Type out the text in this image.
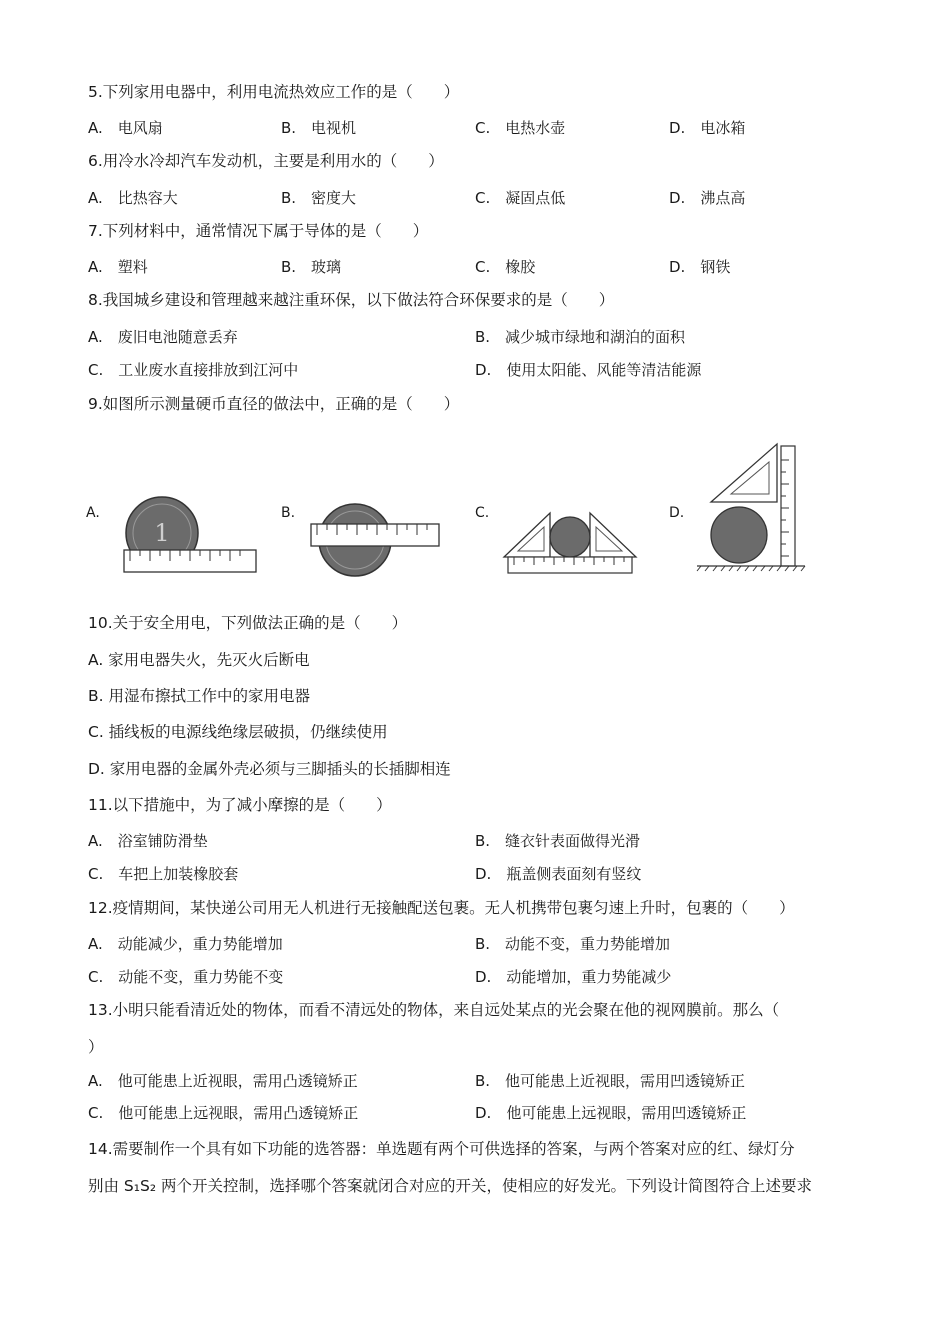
5.下列家用电器中，利用电流热效应工作的是（　　）
A.　电风扇	B.　电视机	C.　电热水壶	D.　电冰箱
6.用冷水冷却汽车发动机，主要是利用水的（　　）
A.　比热容大	B.　密度大	C.　凝固点低	D.　沸点高
7.下列材料中，通常情况下属于导体的是（　　）
A.　塑料	B.　玻璃	C.　橡胶	D.　钢铁
8.我国城乡建设和管理越来越注重环保，以下做法符合环保要求的是（　　）
A.　废旧电池随意丢弃	B.　减少城市绿地和湖泊的面积
C.　工业废水直接排放到江河中	D.　使用太阳能、风能等清洁能源
9.如图所示测量硬币直径的做法中，正确的是（　　）
A.	B.	C.	D.
1
10.关于安全用电，下列做法正确的是（　　）
A. 家用电器失火，先灭火后断电
B. 用湿布擦拭工作中的家用电器
C. 插线板的电源线绝缘层破损，仍继续使用
D. 家用电器的金属外壳必须与三脚插头的长插脚相连
11.以下措施中，为了减小摩擦的是（　　）
A.　浴室铺防滑垫	B.　缝衣针表面做得光滑
C.　车把上加装橡胶套	D.　瓶盖侧表面刻有竖纹
12.疫情期间，某快递公司用无人机进行无接触配送包裹。无人机携带包裹匀速上升时，包裹的（　　）
A.　动能减少，重力势能增加	B.　动能不变，重力势能增加
C.　动能不变，重力势能不变	D.　动能增加，重力势能减少
13.小明只能看清近处的物体，而看不清远处的物体，来自远处某点的光会聚在他的视网膜前。那么（
）
A.　他可能患上近视眼，需用凸透镜矫正	B.　他可能患上近视眼，需用凹透镜矫正
C.　他可能患上远视眼，需用凸透镜矫正	D.　他可能患上远视眼，需用凹透镜矫正
14.需要制作一个具有如下功能的选答器：单选题有两个可供选择的答案，与两个答案对应的红、绿灯分
别由 S₁S₂ 两个开关控制，选择哪个答案就闭合对应的开关，使相应的好发光。下列设计简图符合上述要求
